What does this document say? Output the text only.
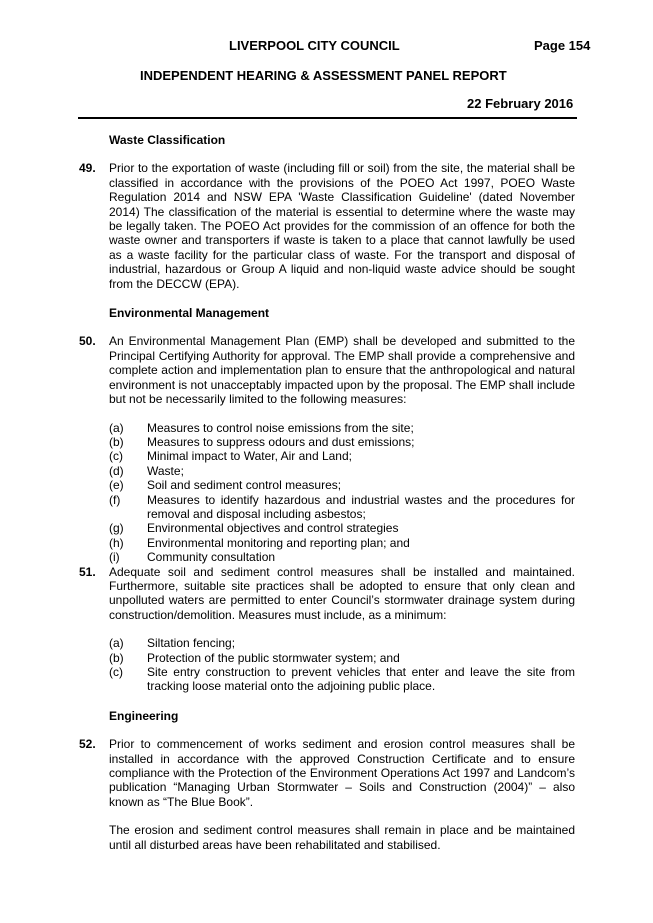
LIVERPOOL CITY COUNCIL	Page 154
INDEPENDENT HEARING & ASSESSMENT PANEL REPORT
22 February 2016
Waste Classification
49.	Prior to the exportation of waste (including fill or soil) from the site, the material shall be classified in accordance with the provisions of the POEO Act 1997, POEO Waste Regulation 2014 and NSW EPA 'Waste Classification Guideline' (dated November 2014) The classification of the material is essential to determine where the waste may be legally taken. The POEO Act provides for the commission of an offence for both the waste owner and transporters if waste is taken to a place that cannot lawfully be used as a waste facility for the particular class of waste. For the transport and disposal of industrial, hazardous or Group A liquid and non-liquid waste advice should be sought from the DECCW (EPA).
Environmental Management
50.	An Environmental Management Plan (EMP) shall be developed and submitted to the Principal Certifying Authority for approval. The EMP shall provide a comprehensive and complete action and implementation plan to ensure that the anthropological and natural environment is not unacceptably impacted upon by the proposal. The EMP shall include but not be necessarily limited to the following measures:
(a)	Measures to control noise emissions from the site;
(b)	Measures to suppress odours and dust emissions;
(c)	Minimal impact to Water, Air and Land;
(d)	Waste;
(e)	Soil and sediment control measures;
(f)	Measures to identify hazardous and industrial wastes and the procedures for removal and disposal including asbestos;
(g)	Environmental objectives and control strategies
(h)	Environmental monitoring and reporting plan; and
(i)	Community consultation
51.	Adequate soil and sediment control measures shall be installed and maintained. Furthermore, suitable site practices shall be adopted to ensure that only clean and unpolluted waters are permitted to enter Council’s stormwater drainage system during construction/demolition. Measures must include, as a minimum:
(a)	Siltation fencing;
(b)	Protection of the public stormwater system; and
(c)	Site entry construction to prevent vehicles that enter and leave the site from tracking loose material onto the adjoining public place.
Engineering
52.	Prior to commencement of works sediment and erosion control measures shall be installed in accordance with the approved Construction Certificate and to ensure compliance with the Protection of the Environment Operations Act 1997 and Landcom’s publication “Managing Urban Stormwater – Soils and Construction (2004)” – also known as “The Blue Book”.
The erosion and sediment control measures shall remain in place and be maintained until all disturbed areas have been rehabilitated and stabilised.
